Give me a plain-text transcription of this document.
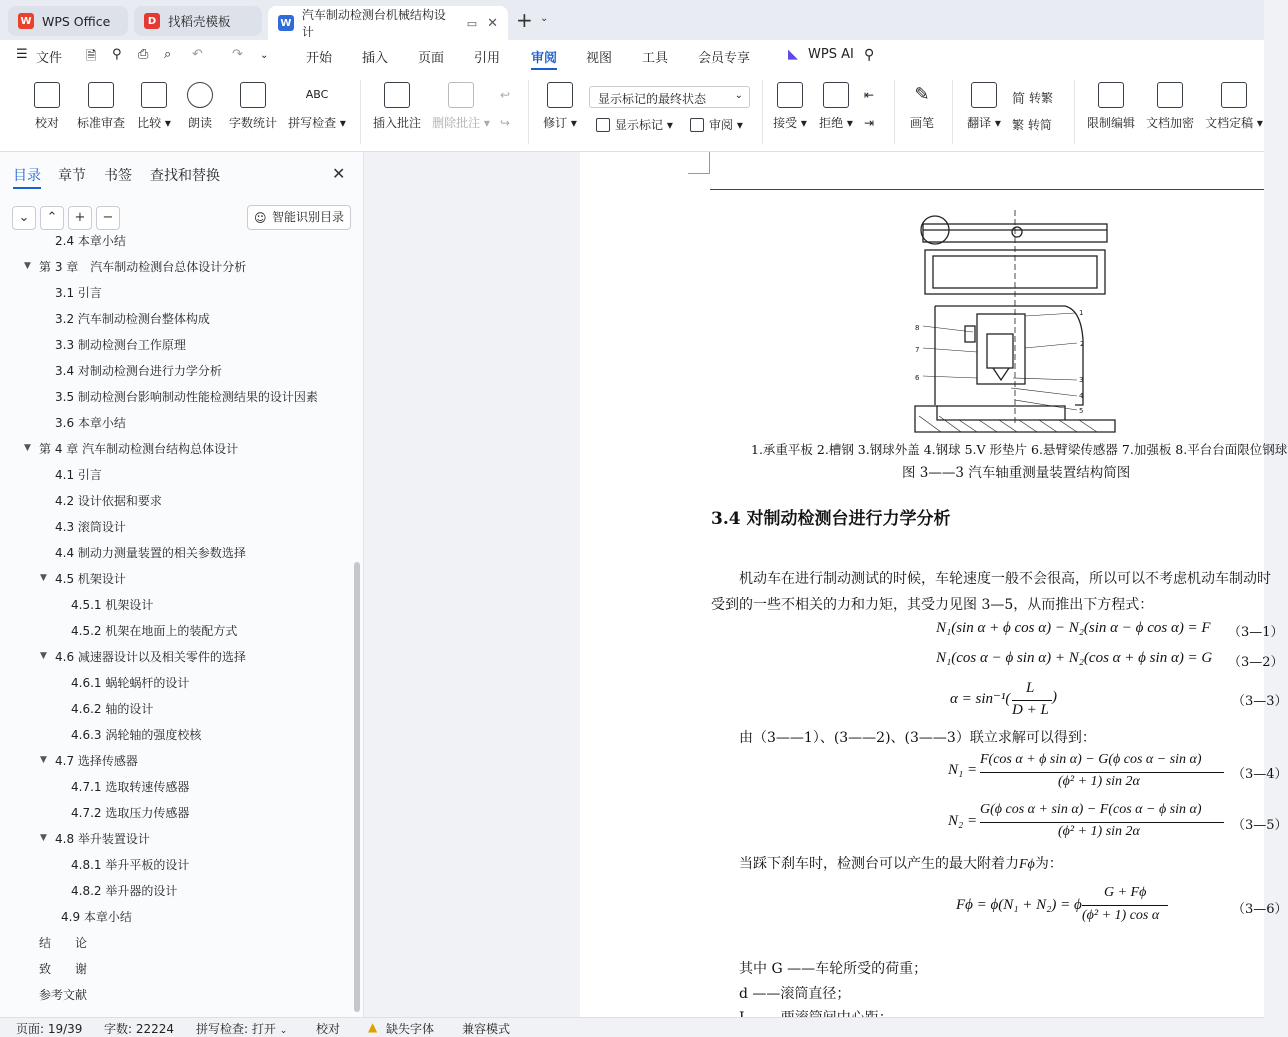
W WPS Office	D 找稻壳模板	W
汽车制动检测台机械结构设计
▭ ✕ + ⌄
☰ 文件 🗎 ⚲ ⎙ ⌕ ↶ ↷ ⌄	开始 插入 页面 引用 审阅 视图 工具 会员专享	◣ WPS AI ⚲
校对	标准审查 比较 ▾	朗读	字数统计
ABC
拼写检查 ▾ 插入批注 删除批注 ▾
↩
↪	修订 ▾
显示标记的最终状态	⌄
显示标记 ▾	审阅 ▾	接受 ▾ 拒绝 ▾
⇤
⇥
✎
画笔	翻译 ▾
简 转繁
繁 转简	限制编辑 文档加密 文档定稿 ▾
目录 章节 书签 查找和替换	✕
⌄	⌃	+	−	☺ 智能识别目录
2.4 本章小结
第 3 章　汽车制动检测台总体设计分析
▼
3.1 引言
3.2 汽车制动检测台整体构成
3.3 制动检测台工作原理
3.4 对制动检测台进行力学分析
3.5 制动检测台影响制动性能检测结果的设计因素
3.6 本章小结
第 4 章 汽车制动检测台结构总体设计
▼
4.1 引言
4.2 设计依据和要求
4.3 滚筒设计
4.4 制动力测量装置的相关参数选择
4.5 机架设计
▼
4.5.1 机架设计
4.5.2 机架在地面上的装配方式
4.6 减速器设计以及相关零件的选择
▼
4.6.1 蜗轮蜗杆的设计
4.6.2 轴的设计
4.6.3 涡轮轴的强度校核
4.7 选择传感器
▼
4.7.1 选取转速传感器
4.7.2 选取压力传感器
4.8 举升装置设计
▼
4.8.1 举升平板的设计
4.8.2 举升器的设计
4.9 本章小结
结　　论
致　　谢
参考文献
1
2
3
4
5
6
7
8
1.承重平板 2.槽钢 3.钢球外盖 4.钢球 5.V 形垫片 6.悬臂梁传感器 7.加强板 8.平台台面限位钢球
图 3——3 汽车轴重测量装置结构简图
3.4 对制动检测台进行力学分析
机动车在进行制动测试的时候，车轮速度一般不会很高，所以可以不考虑机动车制动时
受到的一些不相关的力和力矩，其受力见图 3—5，从而推出下方程式：
N₁(sin α + ϕ cos α) − N₂(sin α − ϕ cos α) = F （3—1）
N₁(cos α − ϕ sin α) + N₂(cos α + ϕ sin α) = G （3—2）
α = sin⁻¹(
L
D + L
)	（3—3）
由（3——1）、(3——2)、(3——3）联立求解可以得到：
N₁ =
F(cos α + ϕ sin α) − G(ϕ cos α − sin α)
(ϕ² + 1) sin 2α	（3—4）
N₂ =
G(ϕ cos α + sin α) − F(cos α − ϕ sin α)
(ϕ² + 1) sin 2α	（3—5）
当踩下刹车时，检测台可以产生的最大附着力Fϕ为：
Fϕ = ϕ(N₁ + N₂) = ϕ
G + Fϕ
(ϕ² + 1) cos α	（3—6）
其中 G ——车轮所受的荷重；
d ——滚筒直径；
页面: 19/39 字数: 22224 拼写检查: 打开 ⌄ 校对 ▲ 缺失字体 兼容模式
